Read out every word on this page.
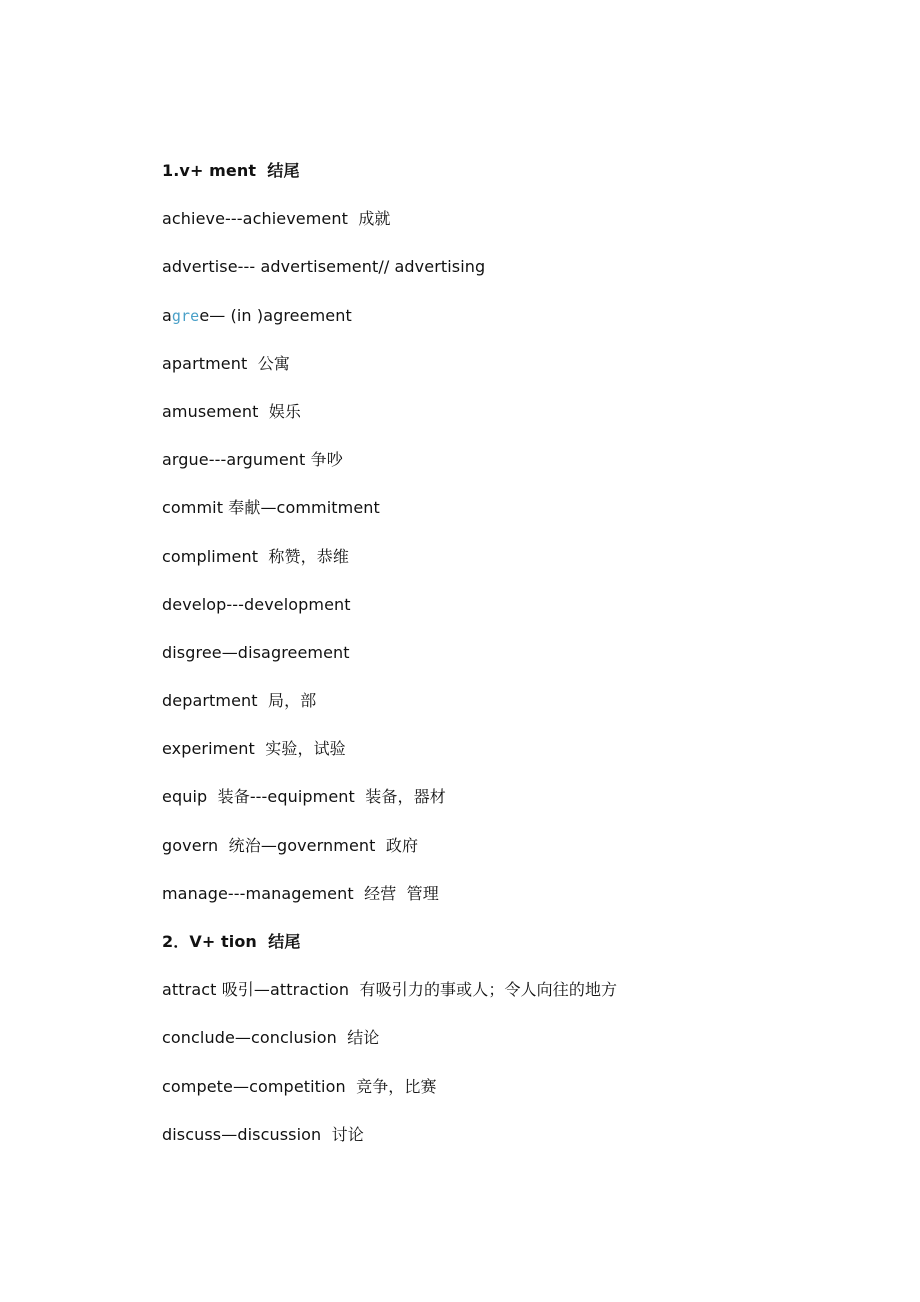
1.v+ ment  结尾
achieve---achievement  成就
advertise--- advertisement// advertising
agree— (in )agreement
apartment  公寓
amusement  娱乐
argue---argument 争吵
commit 奉献—commitment
compliment  称赞，恭维
develop---development
disgree—disagreement
department  局，部
experiment  实验，试验
equip  装备---equipment  装备，器材
govern  统治—government  政府
manage---management  经营  管理
2．V+ tion  结尾
attract 吸引—attraction  有吸引力的事或人；令人向往的地方
conclude—conclusion  结论
compete—competition  竞争，比赛
discuss—discussion  讨论
